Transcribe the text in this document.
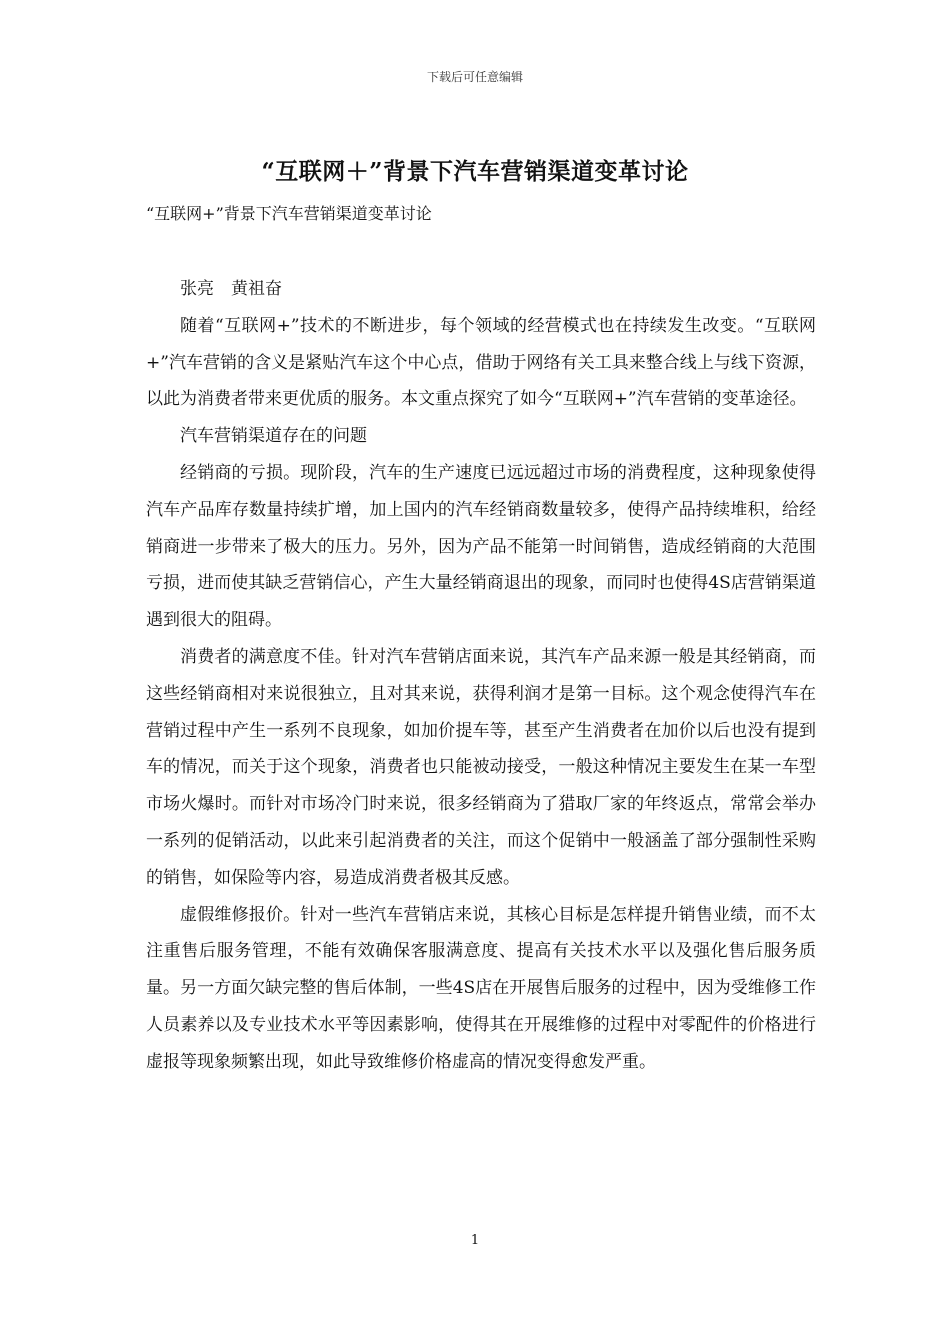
下载后可任意编辑
“互联网＋”背景下汽车营销渠道变革讨论
“互联网+”背景下汽车营销渠道变革讨论

张亮　黄祖奋

随着“互联网+”技术的不断进步，每个领域的经营模式也在持续发生改变。“互联网+”汽车营销的含义是紧贴汽车这个中心点，借助于网络有关工具来整合线上与线下资源，以此为消费者带来更优质的服务。本文重点探究了如今“互联网+”汽车营销的变革途径。

汽车营销渠道存在的问题

经销商的亏损。现阶段，汽车的生产速度已远远超过市场的消费程度，这种现象使得汽车产品库存数量持续扩增，加上国内的汽车经销商数量较多，使得产品持续堆积，给经销商进一步带来了极大的压力。另外，因为产品不能第一时间销售，造成经销商的大范围亏损，进而使其缺乏营销信心，产生大量经销商退出的现象，而同时也使得4S店营销渠道遇到很大的阻碍。

消费者的满意度不佳。针对汽车营销店面来说，其汽车产品来源一般是其经销商，而这些经销商相对来说很独立，且对其来说，获得利润才是第一目标。这个观念使得汽车在营销过程中产生一系列不良现象，如加价提车等，甚至产生消费者在加价以后也没有提到车的情况，而关于这个现象，消费者也只能被动接受，一般这种情况主要发生在某一车型市场火爆时。而针对市场冷门时来说，很多经销商为了猎取厂家的年终返点，常常会举办一系列的促销活动，以此来引起消费者的关注，而这个促销中一般涵盖了部分强制性采购的销售，如保险等内容，易造成消费者极其反感。

虚假维修报价。针对一些汽车营销店来说，其核心目标是怎样提升销售业绩，而不太注重售后服务管理，不能有效确保客服满意度、提高有关技术水平以及强化售后服务质量。另一方面欠缺完整的售后体制，一些4S店在开展售后服务的过程中，因为受维修工作人员素养以及专业技术水平等因素影响，使得其在开展维修的过程中对零配件的价格进行虚报等现象频繁出现，如此导致维修价格虚高的情况变得愈发严重。

1
